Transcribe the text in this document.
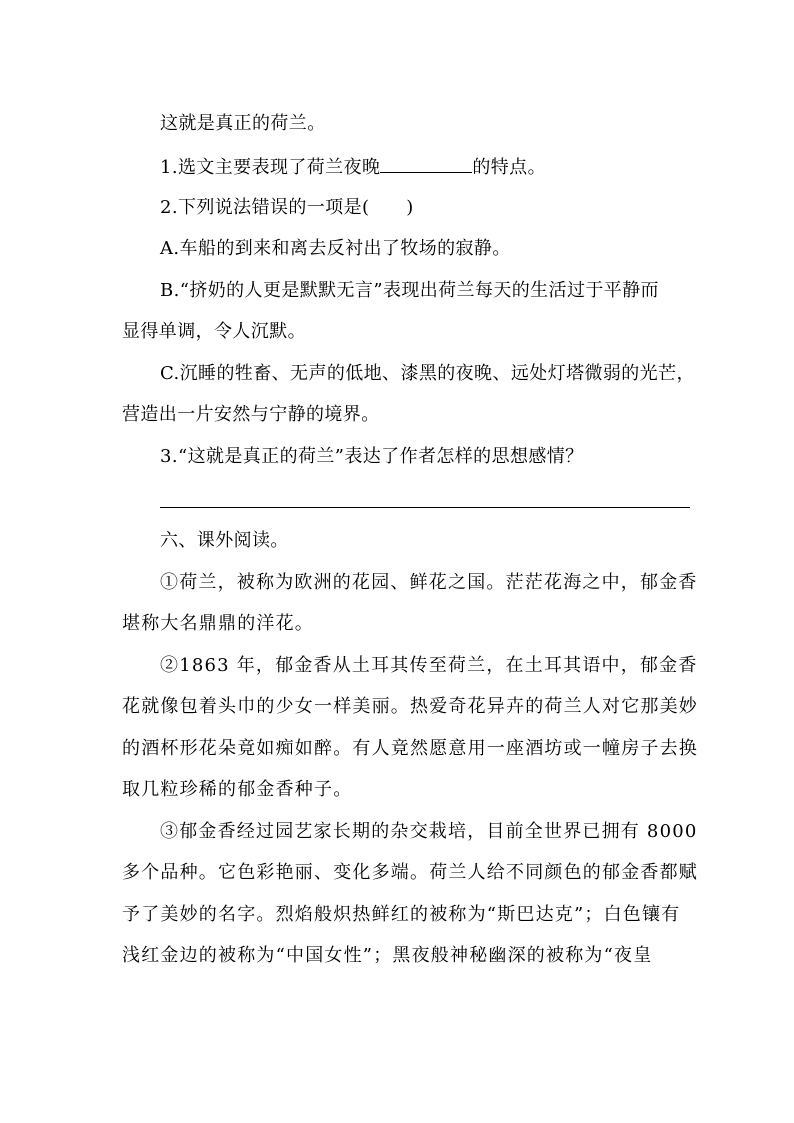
这就是真正的荷兰。
1.选文主要表现了荷兰夜晚	的特点。
2.下列说法错误的一项是(　　)
A.车船的到来和离去反衬出了牧场的寂静。
B.“挤奶的人更是默默无言”表现出荷兰每天的生活过于平静而
显得单调，令人沉默。
C.沉睡的牲畜、无声的低地、漆黑的夜晚、远处灯塔微弱的光芒，
营造出一片安然与宁静的境界。
3.“这就是真正的荷兰”表达了作者怎样的思想感情？
六、课外阅读。
①荷兰，被称为欧洲的花园、鲜花之国。茫茫花海之中，郁金香
堪称大名鼎鼎的洋花。
②1863 年，郁金香从土耳其传至荷兰，在土耳其语中，郁金香
花就像包着头巾的少女一样美丽。热爱奇花异卉的荷兰人对它那美妙
的酒杯形花朵竟如痴如醉。有人竟然愿意用一座酒坊或一幢房子去换
取几粒珍稀的郁金香种子。
③郁金香经过园艺家长期的杂交栽培，目前全世界已拥有 8000
多个品种。它色彩艳丽、变化多端。荷兰人给不同颜色的郁金香都赋
予了美妙的名字。烈焰般炽热鲜红的被称为“斯巴达克”；白色镶有
浅红金边的被称为“中国女性”；黑夜般神秘幽深的被称为“夜皇
